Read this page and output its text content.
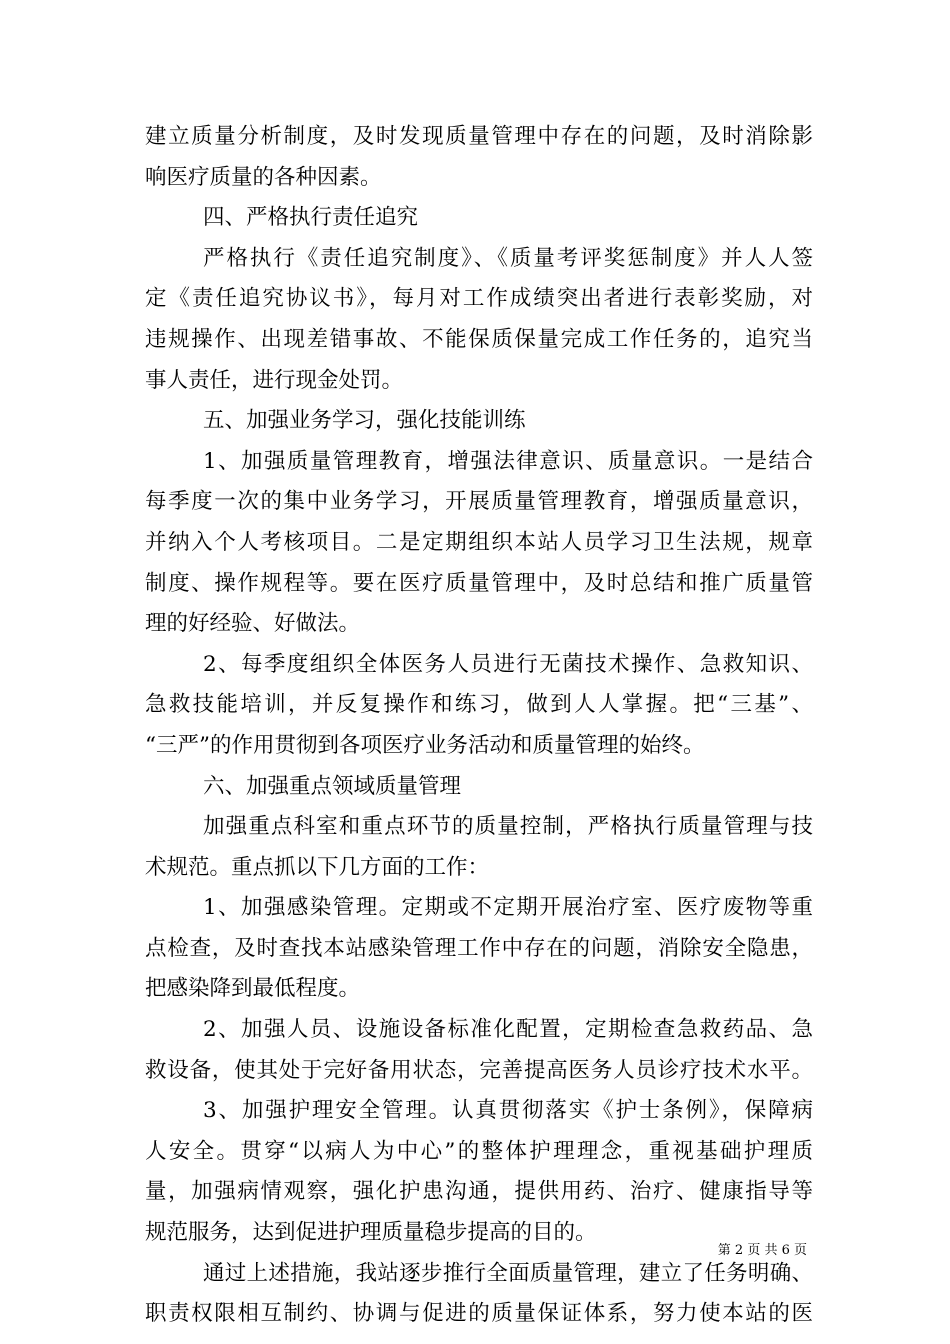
建立质量分析制度，及时发现质量管理中存在的问题，及时消除影
响医疗质量的各种因素。
四、严格执行责任追究
严格执行《责任追究制度》、《质量考评奖惩制度》并人人签
定《责任追究协议书》，每月对工作成绩突出者进行表彰奖励，对
违规操作、出现差错事故、不能保质保量完成工作任务的，追究当
事人责任，进行现金处罚。
五、加强业务学习，强化技能训练
1、加强质量管理教育，增强法律意识、质量意识。一是结合
每季度一次的集中业务学习，开展质量管理教育，增强质量意识，
并纳入个人考核项目。二是定期组织本站人员学习卫生法规，规章
制度、操作规程等。要在医疗质量管理中，及时总结和推广质量管
理的好经验、好做法。
2、每季度组织全体医务人员进行无菌技术操作、急救知识、
急救技能培训，并反复操作和练习，做到人人掌握。把“三基”、
“三严”的作用贯彻到各项医疗业务活动和质量管理的始终。
六、加强重点领域质量管理
加强重点科室和重点环节的质量控制，严格执行质量管理与技
术规范。重点抓以下几方面的工作：
1、加强感染管理。定期或不定期开展治疗室、医疗废物等重
点检查，及时查找本站感染管理工作中存在的问题，消除安全隐患，
把感染降到最低程度。
2、加强人员、设施设备标准化配置，定期检查急救药品、急
救设备，使其处于完好备用状态，完善提高医务人员诊疗技术水平。
3、加强护理安全管理。认真贯彻落实《护士条例》，保障病
人安全。贯穿“以病人为中心”的整体护理理念，重视基础护理质
量，加强病情观察，强化护患沟通，提供用药、治疗、健康指导等
规范服务，达到促进护理质量稳步提高的目的。
通过上述措施，我站逐步推行全面质量管理，建立了任务明确、
职责权限相互制约、协调与促进的质量保证体系，努力使本站的医
第 2 页 共 6 页
